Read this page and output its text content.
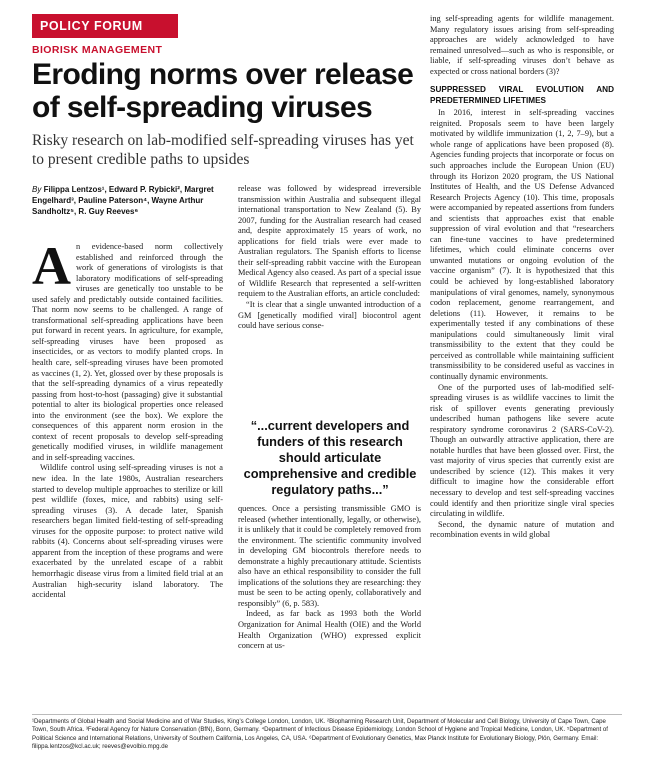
POLICY FORUM
BIORISK MANAGEMENT
Eroding norms over release of self-spreading viruses
Risky research on lab-modified self-spreading viruses has yet to present credible paths to upsides
By Filippa Lentzos¹, Edward P. Rybicki², Margret Engelhard³, Pauline Paterson⁴, Wayne Arthur Sandholtz⁵, R. Guy Reeves⁶

An evidence-based norm collectively established and reinforced through the work of generations of virologists is that laboratory modifications of self-spreading viruses are genetically too unstable to be used safely and predictably outside contained facilities. That norm now seems to be challenged. A range of transformational self-spreading applications have been put forward in recent years. In agriculture, for example, self-spreading viruses have been proposed as insecticides, or as vectors to modify planted crops. In health care, self-spreading viruses have been promoted as vaccines (1, 2). Yet, glossed over by these proposals is that the self-spreading dynamics of a virus repeatedly passing from host-to-host (passaging) give it substantial potential to alter its biological properties once released into the environment (see the box). We explore the consequences of this apparent norm erosion in the context of recent proposals to develop self-spreading genetically modified viruses, in wildlife management and in self-spreading vaccines.

Wildlife control using self-spreading viruses is not a new idea. In the late 1980s, Australian researchers started to develop multiple approaches to sterilize or kill pest wildlife (foxes, mice, and rabbits) using self-spreading viruses (3). A decade later, Spanish researchers began limited field-testing of self-spreading viruses for the opposite purpose: to protect native wild rabbits (4). Concerns about self-spreading viruses were apparent from the inception of these programs and were exacerbated by the unrelated escape of a rabbit hemorrhagic disease virus from a limited field trial at an Australian high-security island laboratory. The accidental

release was followed by widespread irreversible transmission within Australia and subsequent illegal international transportation to New Zealand (5). By 2007, funding for the Australian research had ceased and, despite approximately 15 years of work, no applications for field trials were ever made to Australian regulators. The Spanish efforts to license their self-spreading rabbit vaccine with the European Medical Agency also ceased. As part of a special issue of Wildlife Research that represented a self-written requiem to the Australian efforts, an article concluded:

“It is clear that a single unwanted introduction of a GM [genetically modified viral] biocontrol agent could have serious conse-

“...current developers and funders of this research should articulate comprehensive and credible regulatory paths...”

quences. Once a persisting transmissible GMO is released (whether intentionally, legally, or otherwise), it is unlikely that it could be completely removed from the environment. The scientific community involved in developing GM biocontrols therefore needs to demonstrate a highly precautionary attitude. Scientists also have an ethical responsibility to consider the full implications of the solutions they are researching: they must be seen to be acting openly, collaboratively and responsibly” (6, p. 583).

Indeed, as far back as 1993 both the World Organization for Animal Health (OIE) and the World Health Organization (WHO) expressed explicit concern at us-

ing self-spreading agents for wildlife management. Many regulatory issues arising from self-spreading approaches are widely acknowledged to have remained unresolved—such as who is responsible, or liable, if self-spreading viruses don’t behave as expected or cross national borders (3)?

SUPPRESSED VIRAL EVOLUTION AND PREDETERMINED LIFETIMES

In 2016, interest in self-spreading vaccines reignited. Proposals seem to have been largely motivated by wildlife immunization (1, 2, 7–9), but a whole range of applications have been proposed (8). Agencies funding projects that incorporate or focus on such approaches include the European Union (EU) through its Horizon 2020 program, the US National Institutes of Health, and the US Defense Advanced Research Projects Agency (10). This time, proposals were accompanied by repeated assertions from funders and scientists that approaches exist that enable suppression of viral evolution and that “researchers can fine-tune vaccines to have predetermined lifetimes, which could eliminate concerns over unwanted mutations or ongoing evolution of the vaccine organism” (7). It is hypothesized that this could be achieved by long-established laboratory manipulations of viral genomes, namely, synonymous codon replacement, genome rearrangement, and deletions (11). However, it remains to be experimentally tested if any combinations of these manipulations could simultaneously limit viral transmissibility to the extent that they could be perceived as controllable while maintaining sufficient transmissibility to be considered useful as vaccines in continually dynamic environments.

One of the purported uses of lab-modified self-spreading viruses is as wildlife vaccines to limit the risk of spillover events generating previously undescribed human pathogens like severe acute respiratory syndrome coronavirus 2 (SARS-CoV-2). Though an outwardly attractive application, there are notable hurdles that have been glossed over. First, the vast majority of virus species that currently exist are undescribed by science (12). This makes it very difficult to imagine how the considerable effort necessary to develop and test self-spreading vaccines could identify and then prioritize single viral species circulating in wildlife.

Second, the dynamic nature of mutation and recombination events in wild global

¹Departments of Global Health and Social Medicine and of War Studies, King’s College London, London, UK. ²Biopharming Research Unit, Department of Molecular and Cell Biology, University of Cape Town, Cape Town, South Africa. ³Federal Agency for Nature Conservation (BfN), Bonn, Germany. ⁴Department of Infectious Disease Epidemiology, London School of Hygiene and Tropical Medicine, London, UK. ⁵Department of Political Science and International Relations, University of Southern California, Los Angeles, CA, USA. ⁶Department of Evolutionary Genetics, Max Planck Institute for Evolutionary Biology, Plön, Germany. Email: filippa.lentzos@kcl.ac.uk; reeves@evolbio.mpg.de
